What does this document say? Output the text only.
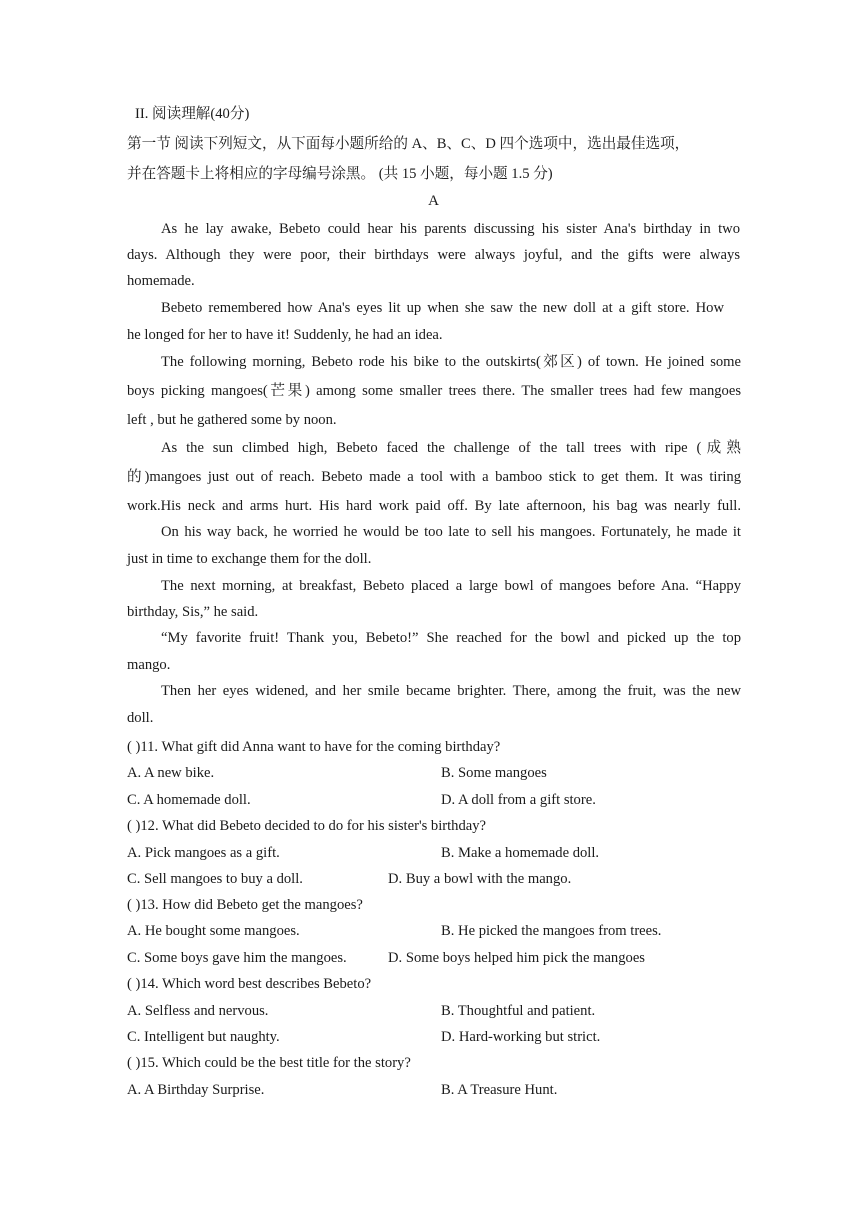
II. 阅读理解(40分)
第一节 阅读下列短文，从下面每小题所给的 A、B、C、D 四个选项中，选出最佳选项，
并在答题卡上将相应的字母编号涂黑。 (共 15 小题，每小题 1.5 分)
A
As he lay awake, Bebeto could hear his parents discussing his sister Ana's birthday in two
days. Although they were poor, their birthdays were always joyful, and the gifts were always
homemade.
Bebeto remembered how Ana's eyes lit up when she saw the new doll at a gift store. How
he longed for her to have it! Suddenly, he had an idea.
The following morning, Bebeto rode his bike to the outskirts(郊区) of town. He joined some
boys picking mangoes(芒果) among some smaller trees there. The smaller trees had few mangoes
left , but he gathered some by noon.
As the sun climbed high, Bebeto faced the challenge of the tall trees with ripe (成熟
的)mangoes just out of reach. Bebeto made a tool with a bamboo stick to get them. It was tiring
work.His neck and arms hurt. His hard work paid off. By late afternoon, his bag was nearly full.
On his way back, he worried he would be too late to sell his mangoes. Fortunately, he made it
just in time to exchange them for the doll.
The next morning, at breakfast, Bebeto placed a large bowl of mangoes before Ana. “Happy
birthday, Sis,” he said.
“My favorite fruit! Thank you, Bebeto!” She reached for the bowl and picked up the top
mango.
Then her eyes widened, and her smile became brighter. There, among the fruit, was the new
doll.
( )11. What gift did Anna want to have for the coming birthday?
A. A new bike.	B. Some mangoes
C. A homemade doll.	D. A doll from a gift store.
( )12. What did Bebeto decided to do for his sister's birthday?
A. Pick mangoes as a gift.	B. Make a homemade doll.
C. Sell mangoes to buy a doll.	D. Buy a bowl with the mango.
( )13. How did Bebeto get the mangoes?
A. He bought some mangoes.	B. He picked the mangoes from trees.
C. Some boys gave him the mangoes.	D. Some boys helped him pick the mangoes
( )14. Which word best describes Bebeto?
A. Selfless and nervous.	B. Thoughtful and patient.
C. Intelligent but naughty.	D. Hard-working but strict.
( )15. Which could be the best title for the story?
A. A Birthday Surprise.	B. A Treasure Hunt.
